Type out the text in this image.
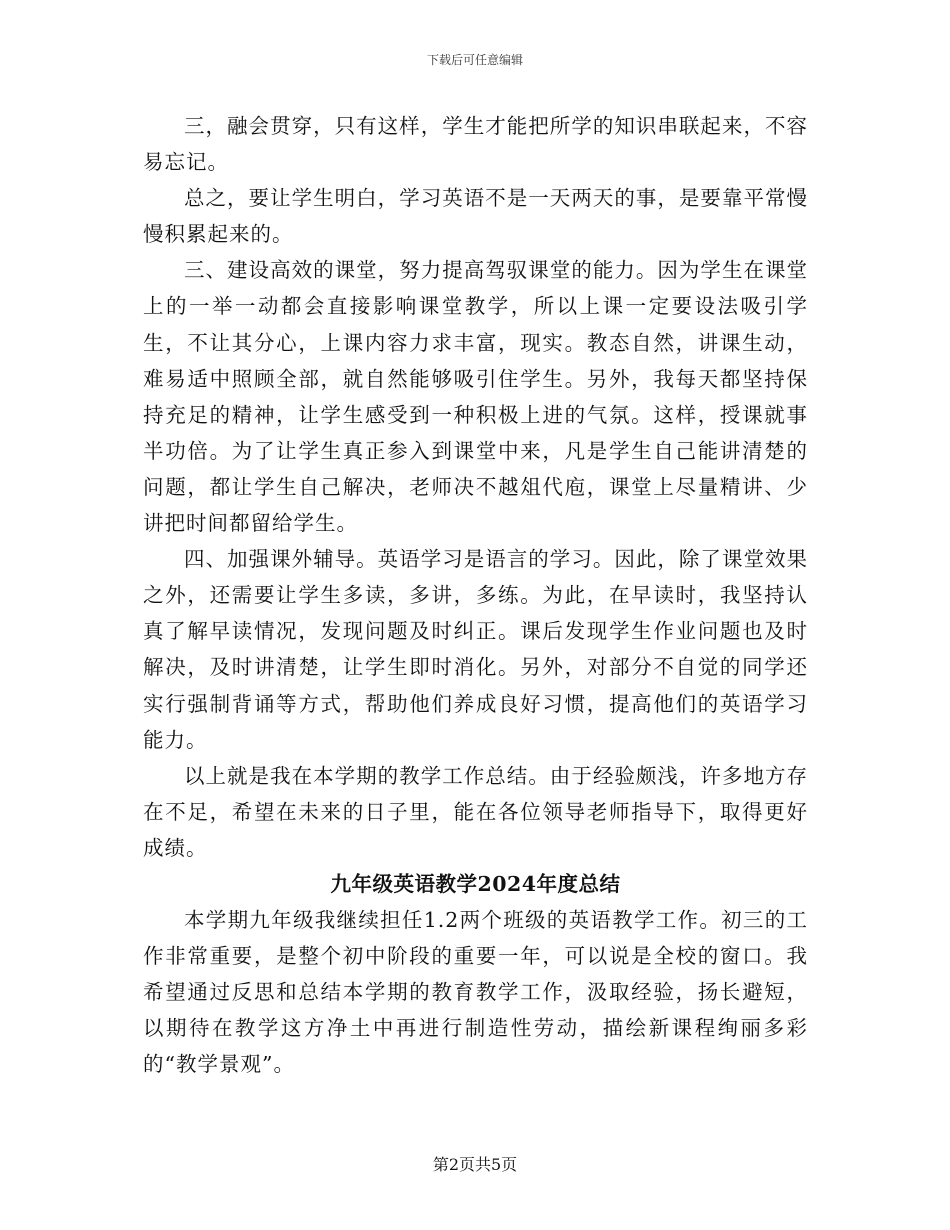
下载后可任意编辑

三，融会贯穿，只有这样，学生才能把所学的知识串联起来，不容易忘记。

总之，要让学生明白，学习英语不是一天两天的事，是要靠平常慢慢积累起来的。

三、建设高效的课堂，努力提高驾驭课堂的能力。因为学生在课堂上的一举一动都会直接影响课堂教学，所以上课一定要设法吸引学生，不让其分心，上课内容力求丰富，现实。教态自然，讲课生动，难易适中照顾全部，就自然能够吸引住学生。另外，我每天都坚持保持充足的精神，让学生感受到一种积极上进的气氛。这样，授课就事半功倍。为了让学生真正参入到课堂中来，凡是学生自己能讲清楚的问题，都让学生自己解决，老师决不越俎代庖，课堂上尽量精讲、少讲把时间都留给学生。

四、加强课外辅导。英语学习是语言的学习。因此，除了课堂效果之外，还需要让学生多读，多讲，多练。为此，在早读时，我坚持认真了解早读情况，发现问题及时纠正。课后发现学生作业问题也及时解决，及时讲清楚，让学生即时消化。另外，对部分不自觉的同学还实行强制背诵等方式，帮助他们养成良好习惯，提高他们的英语学习能力。

以上就是我在本学期的教学工作总结。由于经验颇浅，许多地方存在不足，希望在未来的日子里，能在各位领导老师指导下，取得更好成绩。

九年级英语教学2024年度总结

本学期九年级我继续担任1.2两个班级的英语教学工作。初三的工作非常重要，是整个初中阶段的重要一年，可以说是全校的窗口。我希望通过反思和总结本学期的教育教学工作，汲取经验，扬长避短，以期待在教学这方净土中再进行制造性劳动，描绘新课程绚丽多彩的“教学景观”。

第2页共5页
